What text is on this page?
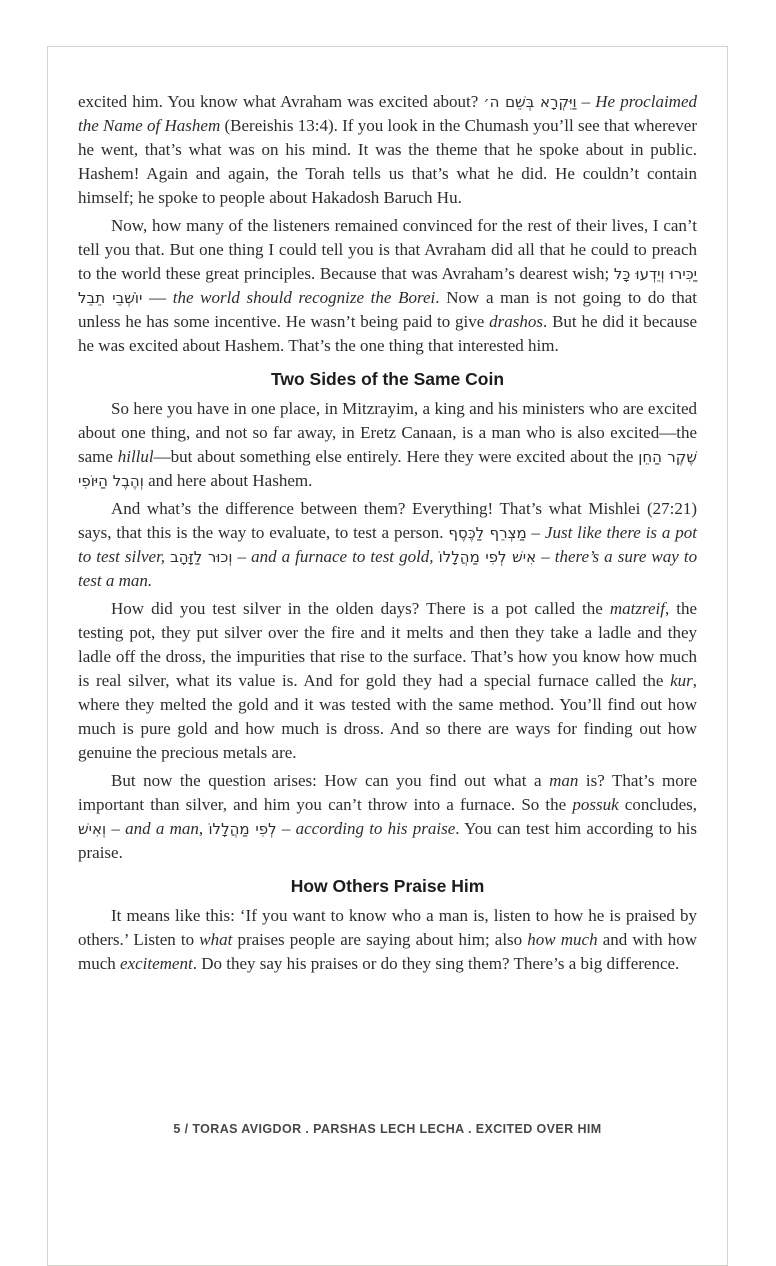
excited him. You know what Avraham was excited about? וַיִּקְרָא בְּשֵׁם ה׳ – He proclaimed the Name of Hashem (Bereishis 13:4). If you look in the Chumash you’ll see that wherever he went, that’s what was on his mind. It was the theme that he spoke about in public. Hashem! Again and again, the Torah tells us that’s what he did. He couldn’t contain himself; he spoke to people about Hakadosh Baruch Hu.

Now, how many of the listeners remained convinced for the rest of their lives, I can’t tell you that. But one thing I could tell you is that Avraham did all that he could to preach to the world these great principles. Because that was Avraham’s dearest wish; יַכִּירוּ וְיֵדְעוּ כָּל יוֹשְׁבֵי תֵבֵל — the world should recognize the Borei. Now a man is not going to do that unless he has some incentive. He wasn’t being paid to give drashos. But he did it because he was excited about Hashem. That’s the one thing that interested him.

Two Sides of the Same Coin

So here you have in one place, in Mitzrayim, a king and his ministers who are excited about one thing, and not so far away, in Eretz Canaan, is a man who is also excited—the same hillul—but about something else entirely. Here they were excited about the שֶׁקֶר הַחֵן וְהֶבֶל הַיּוֹפִי and here about Hashem.

And what’s the difference between them? Everything! That’s what Mishlei (27:21) says, that this is the way to evaluate, to test a person. מַצְרֵף לַכֶּסֶף – Just like there is a pot to test silver, וְכוּר לַזָּהָב – and a furnace to test gold, אִישׁ לְפִי מַהֲלָלוֹ – there’s a sure way to test a man.

How did you test silver in the olden days? There is a pot called the matzreif, the testing pot, they put silver over the fire and it melts and then they take a ladle and they ladle off the dross, the impurities that rise to the surface. That’s how you know how much is real silver, what its value is. And for gold they had a special furnace called the kur, where they melted the gold and it was tested with the same method. You’ll find out how much is pure gold and how much is dross. And so there are ways for finding out how genuine the precious metals are.

But now the question arises: How can you find out what a man is? That’s more important than silver, and him you can’t throw into a furnace. So the possuk concludes, וְאִישׁ – and a man, לְפִי מַהֲלָלוֹ – according to his praise. You can test him according to his praise.

How Others Praise Him

It means like this: ‘If you want to know who a man is, listen to how he is praised by others.’ Listen to what praises people are saying about him; also how much and with how much excitement. Do they say his praises or do they sing them? There’s a big difference.

5 / TORAS AVIGDOR . PARSHAS LECH LECHA . EXCITED OVER HIM
